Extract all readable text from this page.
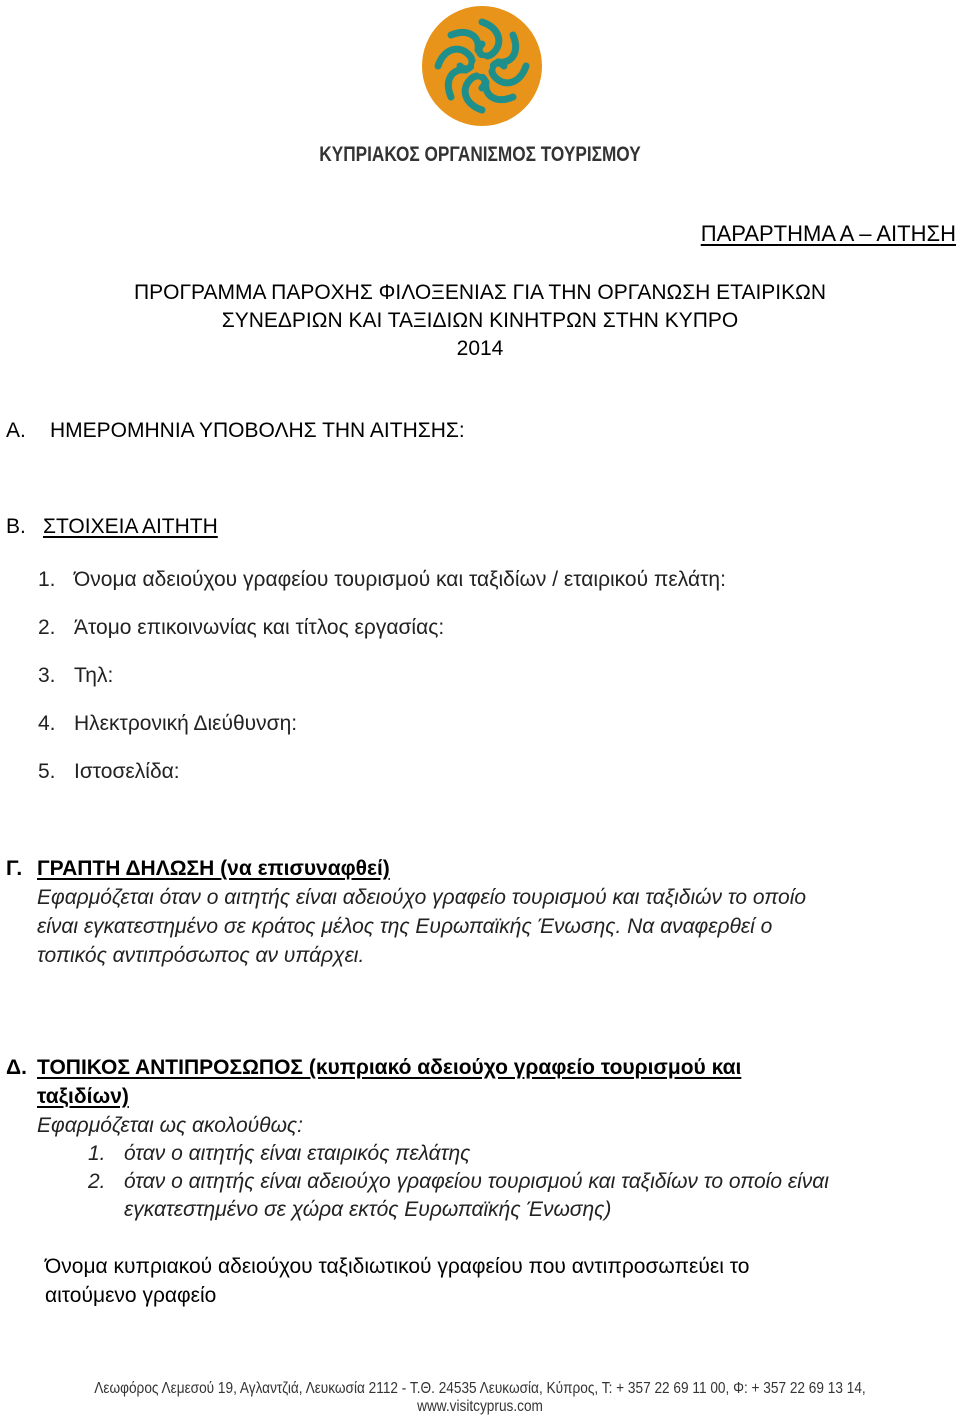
ΚΥΠΡΙΑΚΟΣ ΟΡΓΑΝΙΣΜΟΣ ΤΟΥΡΙΣΜΟΥ
ΠΑΡΑΡΤΗΜΑ Α – ΑΙΤΗΣΗ
ΠΡΟΓΡΑΜΜΑ ΠΑΡΟΧΗΣ ΦΙΛΟΞΕΝΙΑΣ ΓΙΑ ΤΗΝ ΟΡΓΑΝΩΣΗ ΕΤΑΙΡΙΚΩΝ
ΣΥΝΕΔΡΙΩΝ ΚΑΙ ΤΑΞΙΔΙΩΝ ΚΙΝΗΤΡΩΝ ΣΤΗΝ ΚΥΠΡΟ
2014
Α. ΗΜΕΡΟΜΗΝΙΑ ΥΠΟΒΟΛΗΣ ΤΗΝ ΑΙΤΗΣΗΣ:
Β. ΣΤΟΙΧΕΙΑ ΑΙΤΗΤΗ
1. Όνομα αδειούχου γραφείου τουρισμού και ταξιδίων / εταιρικού πελάτη:
2. Άτομο επικοινωνίας και τίτλος εργασίας:
3. Τηλ:
4. Ηλεκτρονική Διεύθυνση:
5. Ιστοσελίδα:
Γ. ΓΡΑΠΤΗ ΔΗΛΩΣΗ (να επισυναφθεί)
Εφαρμόζεται όταν ο αιτητής είναι αδειούχο γραφείο τουρισμού και ταξιδιών το οποίο
είναι εγκατεστημένο σε κράτος μέλος της Ευρωπαϊκής Ένωσης. Να αναφερθεί ο
τοπικός αντιπρόσωπος αν υπάρχει.
Δ. ΤΟΠΙΚΟΣ ΑΝΤΙΠΡΟΣΩΠΟΣ (κυπριακό αδειούχο γραφείο τουρισμού και
ταξιδίων)
Εφαρμόζεται ως ακολούθως:
1. όταν ο αιτητής είναι εταιρικός πελάτης
2. όταν ο αιτητής είναι αδειούχο γραφείου τουρισμού και ταξιδίων το οποίο είναι
εγκατεστημένο σε χώρα εκτός Ευρωπαϊκής Ένωσης)
Όνομα κυπριακού αδειούχου ταξιδιωτικού γραφείου που αντιπροσωπεύει το
αιτούμενο γραφείο
Λεωφόρος Λεμεσού 19, Αγλαντζιά, Λευκωσία 2112 - Τ.Θ. 24535 Λευκωσία, Κύπρος, Τ: + 357 22 69 11 00, Φ: + 357 22 69 13 14, www.visitcyprus.com
